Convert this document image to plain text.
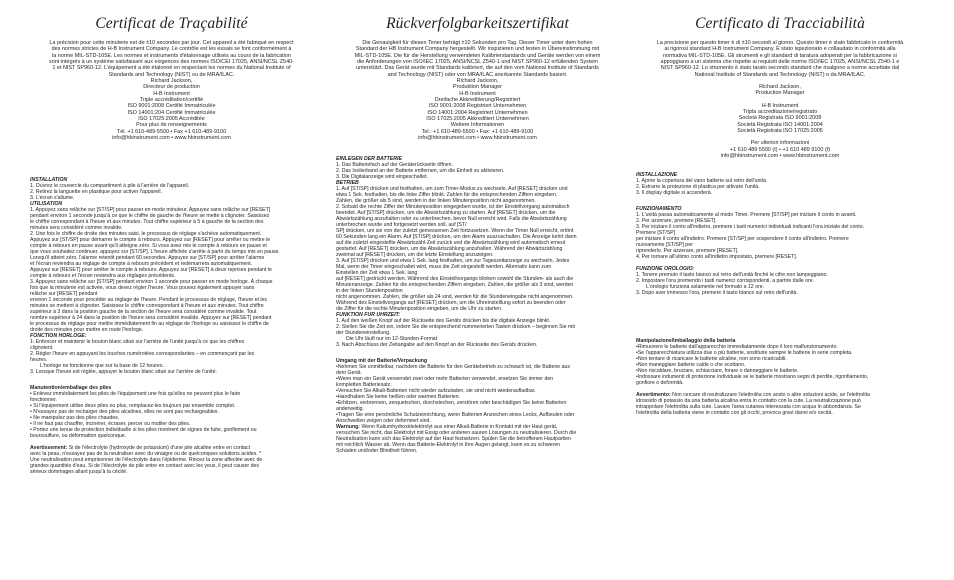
Certificat de Traçabilité

La précision pour cette minuterie est de ±10 secondes par jour. Cet appareil a été fabriqué en respect

des normes strictes de H-B Instrument Company. Le contrôle est les essais se font conformément à

la norme MIL-STD-105E. Les normes et instruments d'étalonnage utilisés au cours de la fabrication

sont intégrés à un système satisfaisant aux exigences des normes ISO/CEI 17025, ANSI/NCSL Z540-

1 et NIST SP960-12. L'équipement a été étalonné en respectant les normes du National Institute of

Standards and Technology (NIST) ou de MRA/ILAC.

Richard Jackson,

Directeur de production

H-B Instrument

Triple accréditation/certifié

ISO 9001:2008 Certifié Immatriculée

ISO 14001:204 Certifié Immatriculée

ISO 17025:2005 Accréditée

Pour plus de renseignements

Tél. +1 610-489-5500 • Fax +1 610-489-9100

info@hbinstrument.com • www.hbinstrument.com

INSTALLATION
1. Ouvrez le couvercle du compartiment à pile à l'arrière de l'appareil.
2. Retirez la languette en plastique pour activer l'appareil.
3. L'écran s'allume.
UTILISATION
1. Appuyez sans relâche sur [ST/SP] pour passer en mode minuteur. Appuyez sans relâche sur [RESET]
pendant environ 1 seconde jusqu'à ce que le chiffre de gauche de l'heure se mette à clignoter. Saisissez
le chiffre correspondant à l'heure et aux minutes. Tout chiffre supérieur à 5 à gauche de la section des
minutes sera considéré comme invalide.
2. Une fois le chiffre de droite des minutes saisi, le processus de réglage s'achève automatiquement.
Appuyez sur [ST/SP] pour démarrer le compte à rebours. Appuyez sur [RESET] pour arrêter ou mettre le
compte à rebours en pause avant qu'il atteigne zéro. Si vous avez mis le compte à rebours en pause et
que vous souhaitez continuer, appuyez sur [ST/SP]. L'heure affichée s'arrête à partir du temps mis en pause.
Lorsqu'il atteint zéro, l'alarme retentit pendant 60 secondes. Appuyez sur [ST/SP] pour arrêter l'alarme
et l'écran reviendra au réglage de compte à rebours précédent et redémarrera automatiquement.
Appuyez sur [RESET] pour arrêter le compte à rebours. Appuyez sur [RESET] à deux reprises pendant le
compte à rebours et l'écran reviendra aux réglages précédents.
3. Appuyez sans relâche sur [ST/SP] pendant environ 1 seconde pour passer en mode horloge. À chaque
fois que la minuterie est activée, vous devez régler l'heure. Vous pouvez également appuyer sans
relâche sur [RESET] pendant
environ 1 seconde pour procéder au réglage de l'heure. Pendant le processus de réglage, l'heure et les
minutes se mettent à clignoter. Saisissez le chiffre correspondant à l'heure et aux minutes. Tout chiffre
supérieur à 3 dans la position gauche de la section de l'heure sera considéré comme invalide. Tout
nombre supérieur à 24 dans la position de l'heure sera considéré invalide. Appuyez sur [RESET] pendant
le processus de réglage pour mettre immédiatement fin au réglage de l'horloge ou saisissez le chiffre de
droite des minutes pour mettre en route l'horloge.
FONCTION HORLOGE:
1. Enfoncer et maintenir le bouton blanc situé sur l'arrière de l'unité jusqu'à ce que les chiffres
clignotent.
2. Régler l'heure en appuyant les touches numérotées correspondantes – en commençant par les
heures.
L'horloge ne fonctionne que sur la base de 12 heures.
3. Lorsque l'heure est réglée, appuyer le bouton blanc situé sur l'arrière de l'unité.
Manutention/emballage des piles
• Enlevez immédiatement les piles de l'équipement une fois qu'elles ne peuvent plus le faire
fonctionner.
• Si l'équipement utilise deux piles ou plus, remplacez-les toujours par ensemble complet.
• N'essayez pas de recharger des piles alcalines, elles ne sont pas rechargeables.
• Ne manipulez pas des piles chaudes.
• Il ne faut pas chauffer, incinérer, écraser, percer ou mutiler des piles.
• Portez une tenue de protection individuelle si les piles montrent de signes de fuite, gonflement ou
boursouflure, ou déformation quelconque.
Avertissement: Si de l'électrolyte (hydroxyde de potassium) d'une pile alcaline entre en contact
avec la peau, n'essayez pas de la neutraliser avec du vinaigre ou de quelconques solutions acides. *
Une neutralisation peut emprisonner de l'électrolyte dans l'épiderme. Rincez la zone affectée avec de
grandes quantités d'eau. Si de l'électrolyte de pile entre en contact avec les yeux, il peut causer des
sérieux dommages allant jusqu'à la cécité.
Rückverfolgbarkeitszertifikat

Die Genauigkeit für diesen Timer beträgt ±10 Sekunden pro Tag. Dieser Timer unter dem hohen

Standard der HB Instrument Company hergestellt. Wir inspizieren und testen in Übereinstimmung mit

MIL-STD-105E. Die für die Herstellung verwendeten Kalibrierstandards und Geräte werden von einem

die Anforderungen von ISO/IEC 17025, ANSI/NCSL Z540-1 und NIST SP960-12 erfüllenden System

unterstützt. Das Gerät wurde mit Standards kalibriert, die auf den vom National Institute of Standards

and Technology (NIST) oder von MRA/ILAC anerkannte Standards basiert.

Richard Jackson,

Produktion Manager

H-B Instrument

Dreifache Akkreditierung/Registriert

ISO 9001:2008 Registriert Unternehmen

ISO 14001:2004 Registriert Unternehmen

ISO 17025:2005 Akkreditiert Unternehmen

Weitere Informationen

Tel.: +1 610-489-5500 • Fax: +1 610-489-9100

info@hbinstrument.com • www.hbinstrument.com

EINLEGEN DER BATTERIE
1. Das Batteriefach auf der Geräterückseite öffnen.
2. Das Isolierband an der Batterie entfernen, um die Einheit zu aktivieren.
3. Die Digitalanzeige wird eingeschaltet.
BETRIEB
1. Auf [ST/SP] drücken und festhalten, um zum Timer-Modus zu wechseln. Auf [RESET] drücken und
etwa 1 Sek. festhalten, bis die linke Ziffer blinkt. Zahlen für die entsprechenden Ziffern eingeben.
Zahlen, die größer als 5 sind, werden in der linken Minutenposition nicht angenommen.
2. Sobald die rechte Ziffer der Minutenposition eingegeben wurde, ist der Einstellvorgang automatisch
beendet. Auf [ST/SP] drücken, um die Abwärtszählung zu starten. Auf [RESET] drücken, um die
Abwärtszählung anzuhalten oder zu unterbrechen, bevor Null erreicht wird. Falls die Abwärtszählung
unterbrochen wurde und fortgesetzt werden soll, auf [ST/
SP] drücken, um sie von der zuletzt gemessenen Zeit fortzusetzen. Wenn der Timer Null erreicht, ertönt
60 Sekunden lang ein Alarm. Auf [ST/SP] drücken, um den Alarm auszuschalten. Die Anzeige kehrt dann
auf die zuletzt eingestellte Abwärtszähl-Zeit zurück und die Abwärtszählung wird automatisch erneut
gestartet. Auf [RESET] drücken, um die Abwärtszählung anzuhalten. Während der Abwärtszählung
zweimal auf [RESET] drücken, um die letzte Einstellung anzuzeigen.
3. Auf [ST/SP] drücken und etwa 1 Sek. lang festhalten, um zur Tageszeitanzeige zu wechseln. Jedes
Mal, wenn der Timer eingeschaltet wird, muss die Zeit eingestellt werden. Alternativ kann zum
Einstellen der Zeit etwa 1 Sek. lang
auf [RESET] gedrückt werden. Während des Einstellvorgangs blinken sowohl die Stunden- als auch die
Minutenanzeige. Zahlen für die entsprechenden Ziffern eingeben. Zahlen, die größer als 3 sind, werden
in der linken Stundenposition
nicht angenommen. Zahlen, die größer als 24 sind, werden für die Stundeneingabe nicht angenommen.
Während des Einstellvorgangs auf [RESET] drücken, um die Uhreinstelllung sofort zu beenden oder
die Ziffer für die rechte Minutenposition eingeben, um die Uhr zu starten.
FUNKTION FUR UHRZEIT:
1. Auf den weißen Knopf auf der Rückseite des Geräts drücken bis die digitale Anzeige blinkt.
2. Stellen Sie die Zeit ein, indem Sie die entsprechend nummerierten Tasten drücken – beginnen Sie mit
der Stundeneinstellung.
Die Uhr läuft nur im 12-Stunden-Format
3. Nach Abschluss der Zeitangabe auf den Knopf an der Rückseite des Geräts drücken.
Umgang mit der Batterie/Verpackung
•Nehmen Sie unmittelbar, nachdem die Batterie für den Gerätebetrieb zu schwach ist, die Batterie aus
dem Gerät.
•Wenn man ein Gerät verwendet zwei oder mehr Batterien verwendet, ersetzen Sie immer den
kompletten Batteriesatz.
•Versuchen Sie Alkali-Batterien nicht wieder aufzuladen, sie sind nicht wiederaufladbar.
•Handhaben Sie keine heißen oder warmen Batterien.
•Erhitzen, verbrennen, zerquetschen, durchstechen, zerstören oder beschädigen Sie keine Batterien
anderweitig.
•Tragen Sie eine persönliche Schutzeinrichtung, wenn Batterien Anzeichen eines Lecks, Aufbeulen oder
Anschwellen zeigen oder deformiert sind.
Warnung: Wenn Kaliumhydroxidelektrolyt aus einer Alkali-Batterie in Kontakt mit der Haut gerät,
versuchen Sie nicht, das Elektrolyt mit Essig oder anderen sauren Lösungen zu neutralisieren. Durch die
Neutralisation kann sich das Elektrolyt auf der Haut festsetzen. Spülen Sie die betroffenen Hautpartien
mit reichlich Wasser ab. Wenn das Batterie-Elektrolyt in Ihre Augen gelangt, kann es zu schweren
Schäden und/oder Blindheit führen.
Certificato di Tracciabilità

La precisione per questo timer è di ±10 secondi al giorno. Questo timer è stato fabbricato in conformità

ai rigorosi standard H-B Instrument Company. È stato ispezionato e collaudato in conformità alla

normativa MIL-STD-105E. Gli strumenti e gli standard di taratura adoperati per la fabbricazione si

appoggiano a un sistema che rispette ai requisiti delle norme ISO/IEC 17025, ANSI/NCSL Z540-1 e

NIST SP960-12. Lo strumento è stato tarato secondo standard che risalgono a norme accettate dal

National Institute of Standards and Technology (NIST) o da MRA/ILAC.

Richard Jackson,

Production Manager

H-B Instrument

Tripla accreditazione/registrato

Società Registrata ISO 9001:2008

Società Registrata ISO 14001:2004

Società Registrata ISO 17025:2005

Per ulteriori informazioni

+1 610 489 5500 (t) • +1 610 489 9100 (f)

info@hbinstrument.com • www.hbinstrument.com

INSTALLAZIONE
1. Aprire la copertura del vano batterie sul retro dell'unità.
2. Estrarre la protezione di plastica per attivare l'unità.
3. Il display digitale si accenderà.
FUNZIONAMENTO
1. L'unità passa automaticamente al modo Timer. Premere [ST/SP] per iniziare il conto in avanti.
2. Per azzerare, premere [RESET].
3. Per iniziare il conto all'indietro, premere i tasti numerici individuali indicanti l'ora iniziale del conto.
Premere [ST/SP]
per iniziare il conto all'indietro. Premere [ST/SP] per sospendere il conto all'indietro. Premere
nuovamente [ST/SP] per
riprenderlo. Per azzerare, premere [RESET].
4. Per tornare all'ultimo conto all'indietro impostato, premere [RESET].
FUNZIONE OROLOGIO:
1. Tenere premuto il tasto bianco sul retro dell'unità finché le cifre non lampeggiano.
2. Impostare l'ora premendo i tasti numerici corrispondenti, a partire dalle ore.
L'orologio funziona solamente nel formato a 12 ore.
3. Dopo aver immesso l'ora, premere il tasto bianco sul retro dell'unità.
Manipolazione/Imballaggio della batteria
•Rimuovere le batterie dall'apparecchio immediatamente dopo il loro malfunzionamento.
•Se l'apparecchiatura utilizza due o più batterie, sostituire sempre le batterie in serie completa.
•Non tentare di ricaricare le batterie alcaline, non sono ricaricabili.
•Non maneggiare batterie calde o che scottano.
•Non riscaldare, bruciare, schiacciare, forare o danneggiare le batterie.
•Indossare indumenti di protezione individuale se le batterie mostrano segni di perdite, rigonfiamento,
gonfiore o deformità.
Avvertimento: Non cercare di neutralizzare l'elettrolita con aceto o altre soluzioni acide, se l'elettrolita
idrossido di potassio da una batteria alcalina entra in contatto con la cute. La neutralizzazione può
intrappolare l'elettrolita sulla cute. Lavare l'area cutanea interessata con acqua in abbondanza. Se
l'elettrolita della batteria viene in contatto con gli occhi, provoca gravi danni e/o cecità.
